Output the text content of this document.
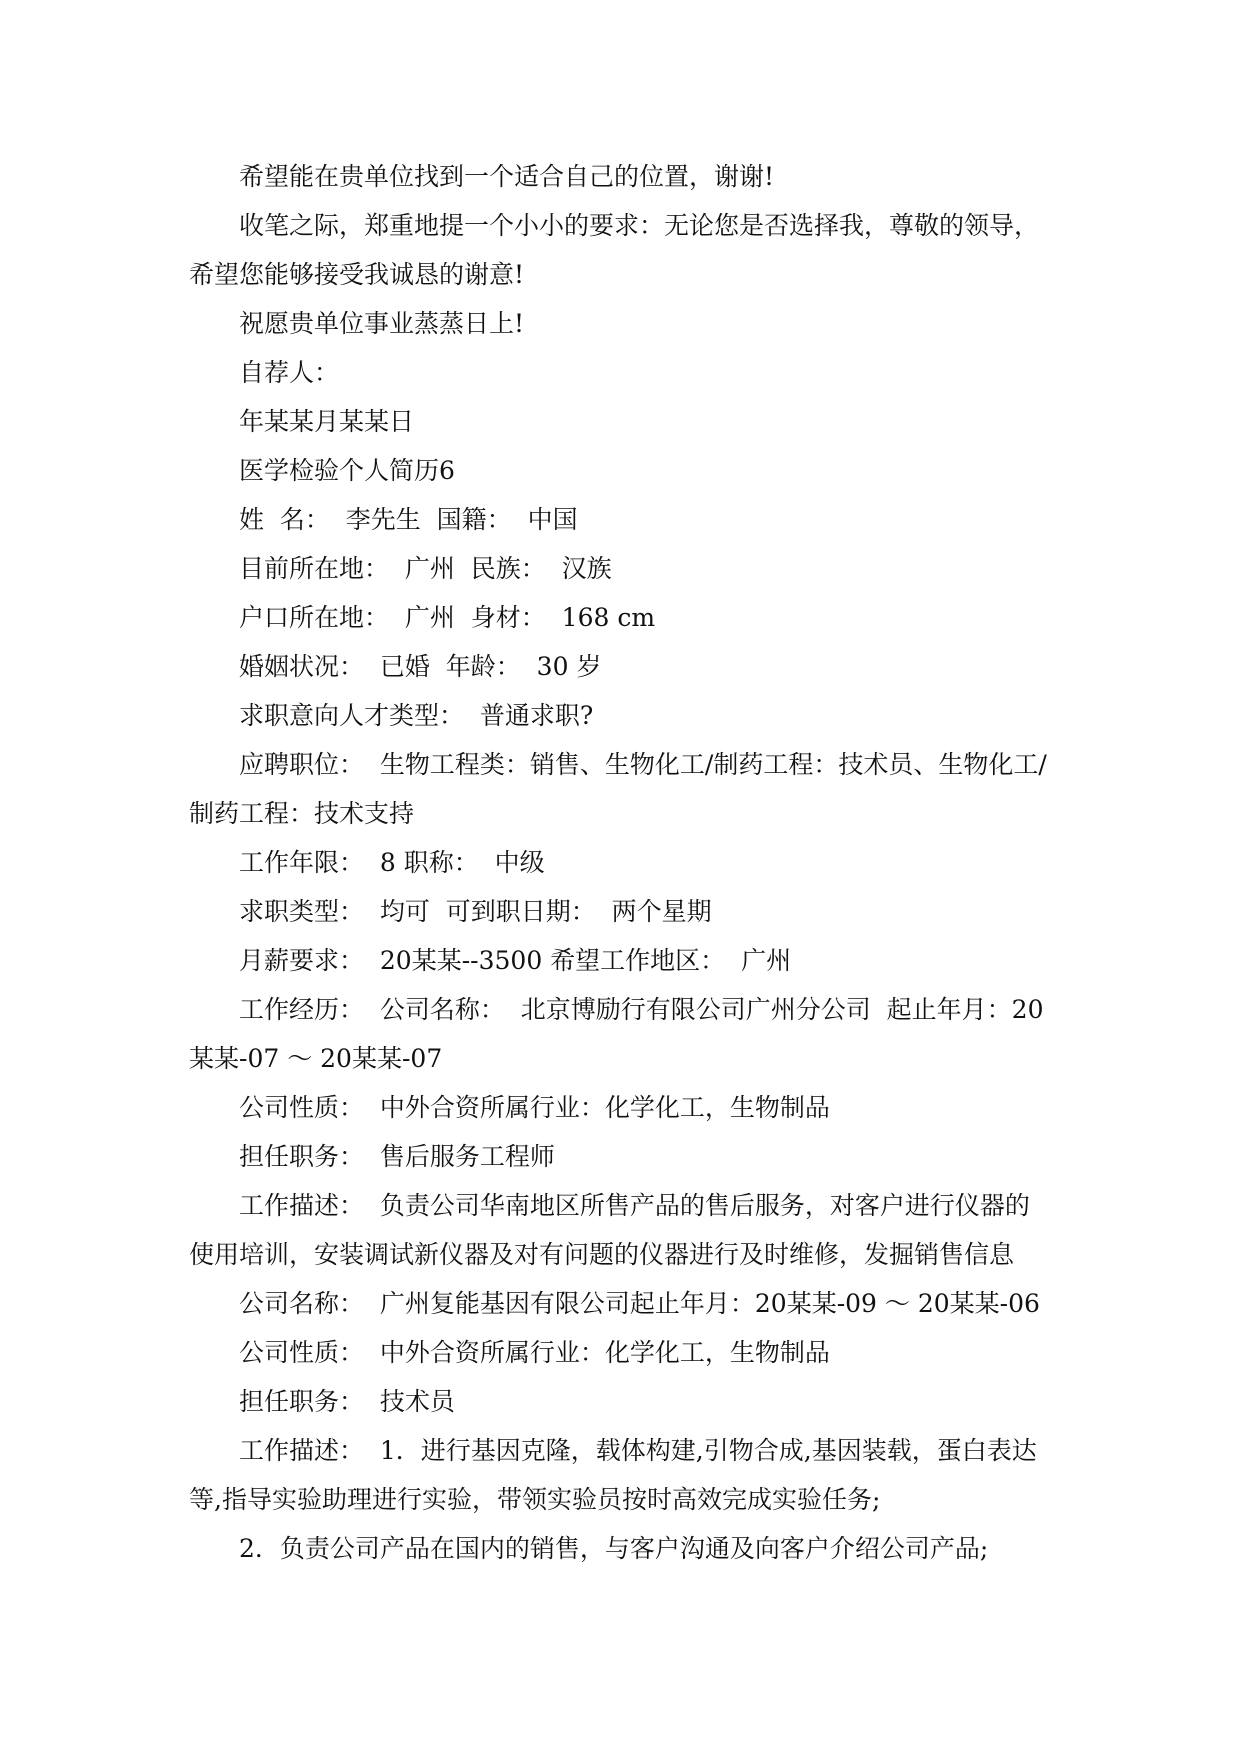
希望能在贵单位找到一个适合自己的位置，谢谢!

收笔之际，郑重地提一个小小的要求：无论您是否选择我，尊敬的领导，希望您能够接受我诚恳的谢意!

祝愿贵单位事业蒸蒸日上!

自荐人：

年某某月某某日

医学检验个人简历6

姓  名：  李先生  国籍：  中国

目前所在地：  广州  民族：  汉族

户口所在地：  广州  身材：  168 cm

婚姻状况：  已婚  年龄：  30 岁

求职意向人才类型：  普通求职?

应聘职位：  生物工程类：销售、生物化工/制药工程：技术员、生物化工/制药工程：技术支持

工作年限：  8 职称：  中级

求职类型：  均可  可到职日期：  两个星期

月薪要求：  20某某--3500 希望工作地区：  广州

工作经历：  公司名称：  北京博励行有限公司广州分公司  起止年月：20某某-07 ～ 20某某-07

公司性质：  中外合资所属行业：化学化工，生物制品

担任职务：  售后服务工程师

工作描述：  负责公司华南地区所售产品的售后服务，对客户进行仪器的使用培训，安装调试新仪器及对有问题的仪器进行及时维修，发掘销售信息

公司名称：  广州复能基因有限公司起止年月：20某某-09 ～ 20某某-06

公司性质：  中外合资所属行业：化学化工，生物制品

担任职务：  技术员

工作描述：  1．进行基因克隆，载体构建,引物合成,基因装载，蛋白表达等,指导实验助理进行实验，带领实验员按时高效完成实验任务;

2．负责公司产品在国内的销售，与客户沟通及向客户介绍公司产品;
